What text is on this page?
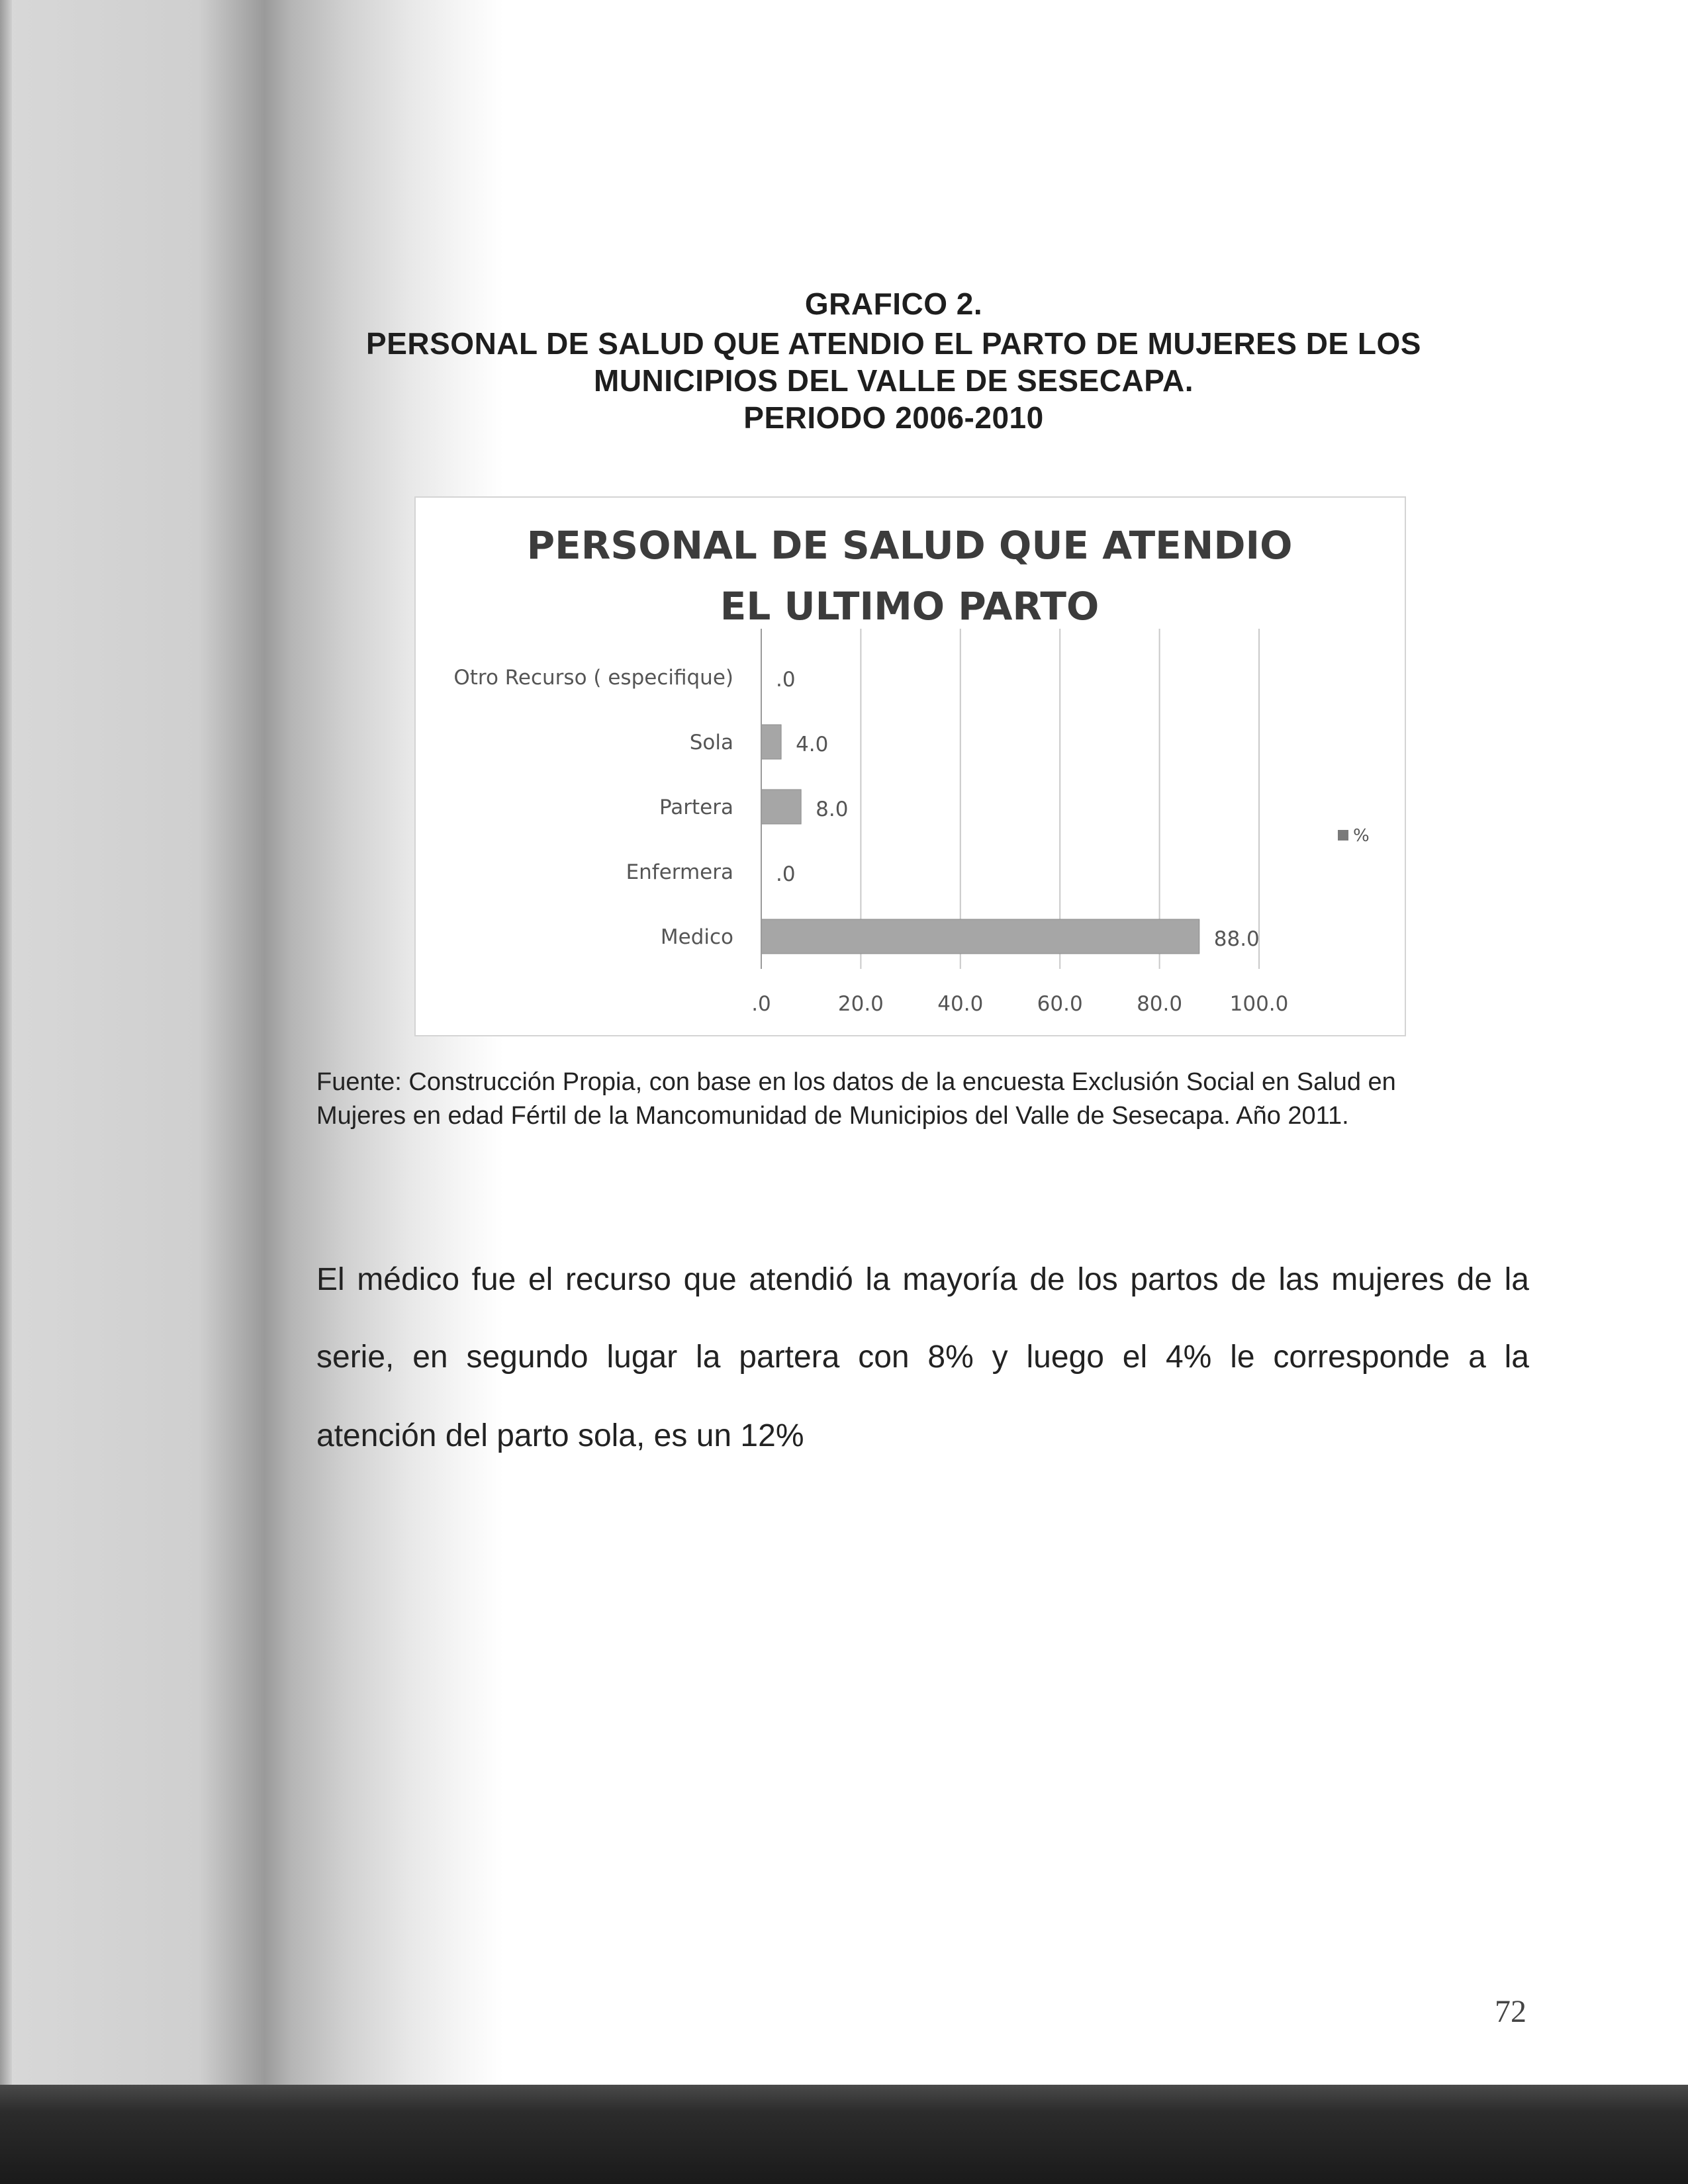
GRAFICO 2.
PERSONAL DE SALUD QUE ATENDIO EL PARTO DE MUJERES DE LOS
MUNICIPIOS DEL VALLE DE SESECAPA.
PERIODO 2006-2010
PERSONAL DE SALUD QUE ATENDIO
EL ULTIMO PARTO
.0	20.0	40.0	60.0	80.0 100.0
Otro Recurso ( especifique) .0
Sola	4.0
Partera	8.0
Enfermera .0
Medico	88.0
%
Fuente: Construcción Propia, con base en los datos de la encuesta Exclusión Social en Salud en
Mujeres en edad Fértil de la Mancomunidad de Municipios del Valle de Sesecapa. Año 2011.
El médico fue el recurso que atendió la mayoría de los partos de las mujeres de la
serie, en segundo lugar la partera con 8% y luego el 4% le corresponde a la
atención del parto sola, es un 12%
72
